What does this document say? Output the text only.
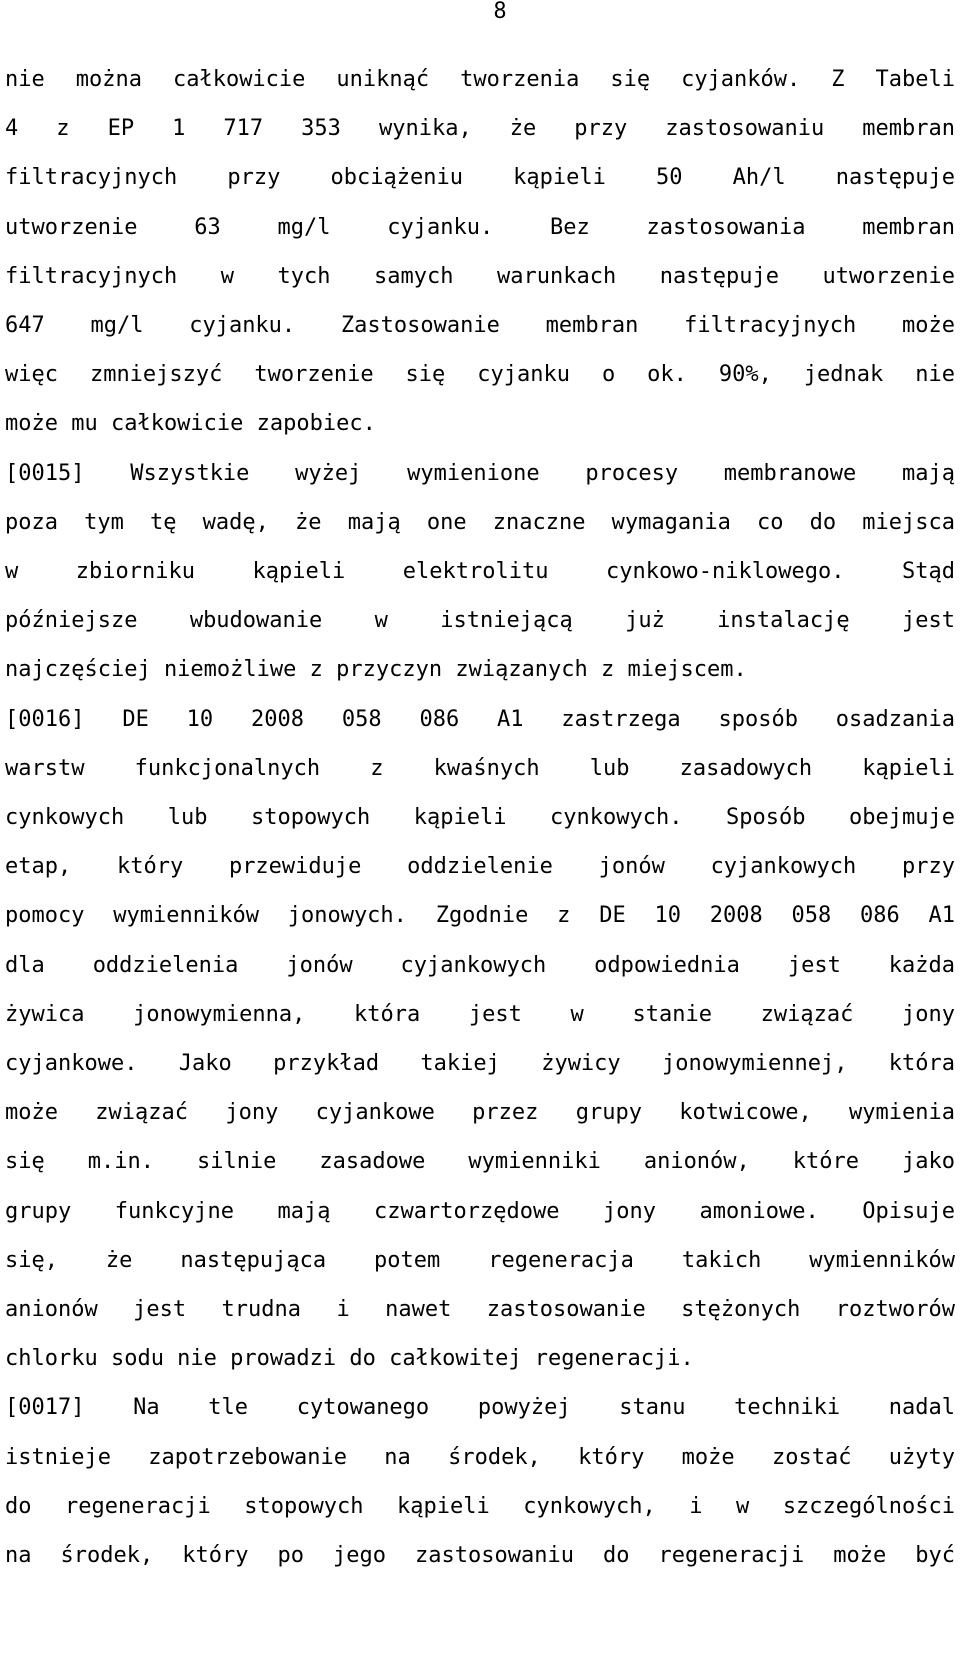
8
nie można całkowicie uniknąć tworzenia się cyjanków. Z Tabeli
4 z EP 1 717 353 wynika, że przy zastosowaniu membran
filtracyjnych przy obciążeniu kąpieli 50 Ah/l następuje
utworzenie 63 mg/l cyjanku. Bez zastosowania membran
filtracyjnych w tych samych warunkach następuje utworzenie
647 mg/l cyjanku. Zastosowanie membran filtracyjnych może
więc zmniejszyć tworzenie się cyjanku o ok. 90%, jednak nie
może mu całkowicie zapobiec.
[0015] Wszystkie wyżej wymienione procesy membranowe mają
poza tym tę wadę, że mają one znaczne wymagania co do miejsca
w zbiorniku kąpieli elektrolitu cynkowo-niklowego. Stąd
późniejsze wbudowanie w istniejącą już instalację jest
najczęściej niemożliwe z przyczyn związanych z miejscem.
[0016] DE 10 2008 058 086 A1 zastrzega sposób osadzania
warstw funkcjonalnych z kwaśnych lub zasadowych kąpieli
cynkowych lub stopowych kąpieli cynkowych. Sposób obejmuje
etap, który przewiduje oddzielenie jonów cyjankowych przy
pomocy wymienników jonowych. Zgodnie z DE 10 2008 058 086 A1
dla oddzielenia jonów cyjankowych odpowiednia jest każda
żywica jonowymienna, która jest w stanie związać jony
cyjankowe. Jako przykład takiej żywicy jonowymiennej, która
może związać jony cyjankowe przez grupy kotwicowe, wymienia
się m.in. silnie zasadowe wymienniki anionów, które jako
grupy funkcyjne mają czwartorzędowe jony amoniowe. Opisuje
się, że następująca potem regeneracja takich wymienników
anionów jest trudna i nawet zastosowanie stężonych roztworów
chlorku sodu nie prowadzi do całkowitej regeneracji.
[0017] Na tle cytowanego powyżej stanu techniki nadal
istnieje zapotrzebowanie na środek, który może zostać użyty
do regeneracji stopowych kąpieli cynkowych, i w szczególności
na środek, który po jego zastosowaniu do regeneracji może być
